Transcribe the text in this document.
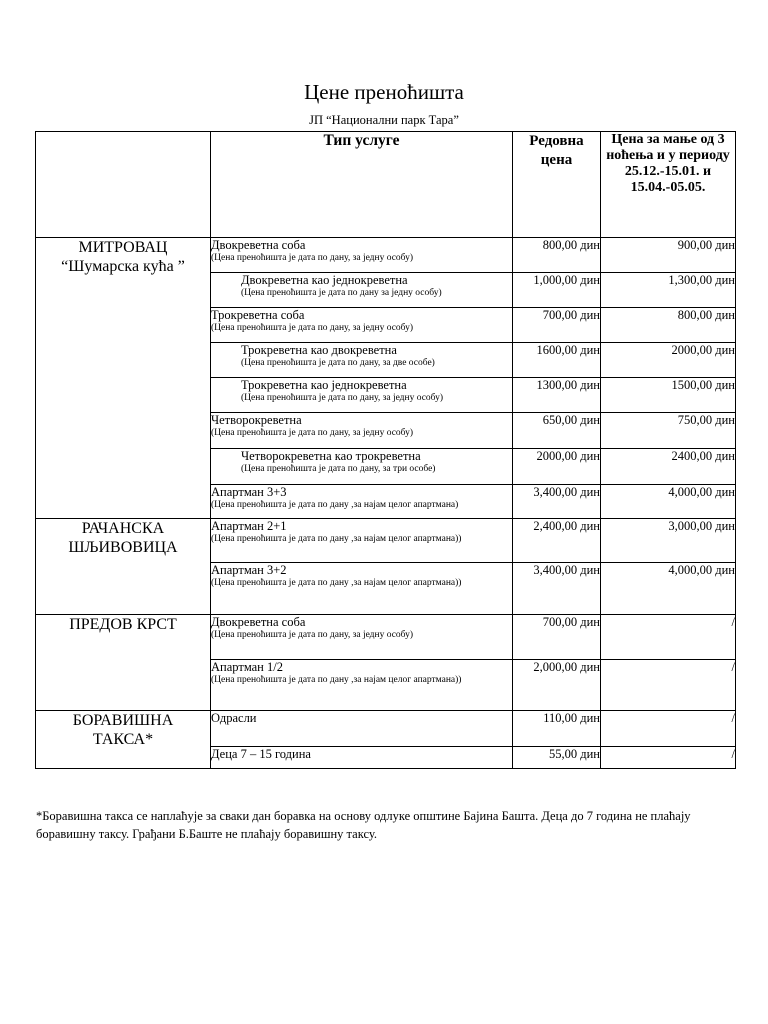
Цене преноћишта
ЈП “Национални парк Тара”
	Тип услуге	Редовна цена	Цена за мање од 3 ноћења и у периоду 25.12.-15.01. и 15.04.-05.05.
МИТРОВАЦ
“Шумарска кућа ”	Двокреветна соба
(Цена преноћишта је дата по дану, за једну особу)	800,00 дин	900,00 дин

	Двокреветна као једнокреветна
(Цена преноћишта је дата по дану за једну особу)	1,000,00 дин	1,300,00 дин

	Трокреветна соба
(Цена преноћишта је дата по дану, за једну особу)	700,00 дин	800,00 дин

	Трокреветна као двокреветна
(Цена преноћишта је дата по дану, за две особе)	1600,00 дин	2000,00 дин

	Трокреветна као једнокреветна
(Цена преноћишта је дата по дану, за једну особу)	1300,00 дин	1500,00 дин

	Четворокреветна
(Цена преноћишта је дата по дану, за једну особу)	650,00 дин	750,00 дин

	Четворокреветна као трокреветна
(Цена преноћишта је дата по дану, за три особе)	2000,00 дин	2400,00 дин

	Апартман 3+3
(Цена преноћишта је дата по дану ,за најам целог апартмана)	3,400,00 дин	4,000,00 дин
РАЧАНСКА
ШЉИВОВИЦА	Апартман 2+1
(Цена преноћишта је дата по дану ,за најам целог апартмана))	2,400,00 дин	3,000,00 дин

	Апартман 3+2
(Цена преноћишта је дата по дану ,за најам целог апартмана))	3,400,00 дин	4,000,00 дин
ПРЕДОВ КРСТ	Двокреветна соба
(Цена преноћишта је дата по дану, за једну особу)	700,00 дин	/

	Апартман 1/2
(Цена преноћишта је дата по дану ,за најам целог апартмана))	2,000,00 дин	/
БОРАВИШНА
ТАКСА*	Одрасли	110,00 дин	/

	Деца 7 – 15 година	55,00 дин	/
*Боравишна такса се наплаћује за сваки дан боравка на основу одлуке општине Бајина Башта. Деца до 7 година не плаћају боравишну таксу. Грађани Б.Баште не плаћају боравишну таксу.
